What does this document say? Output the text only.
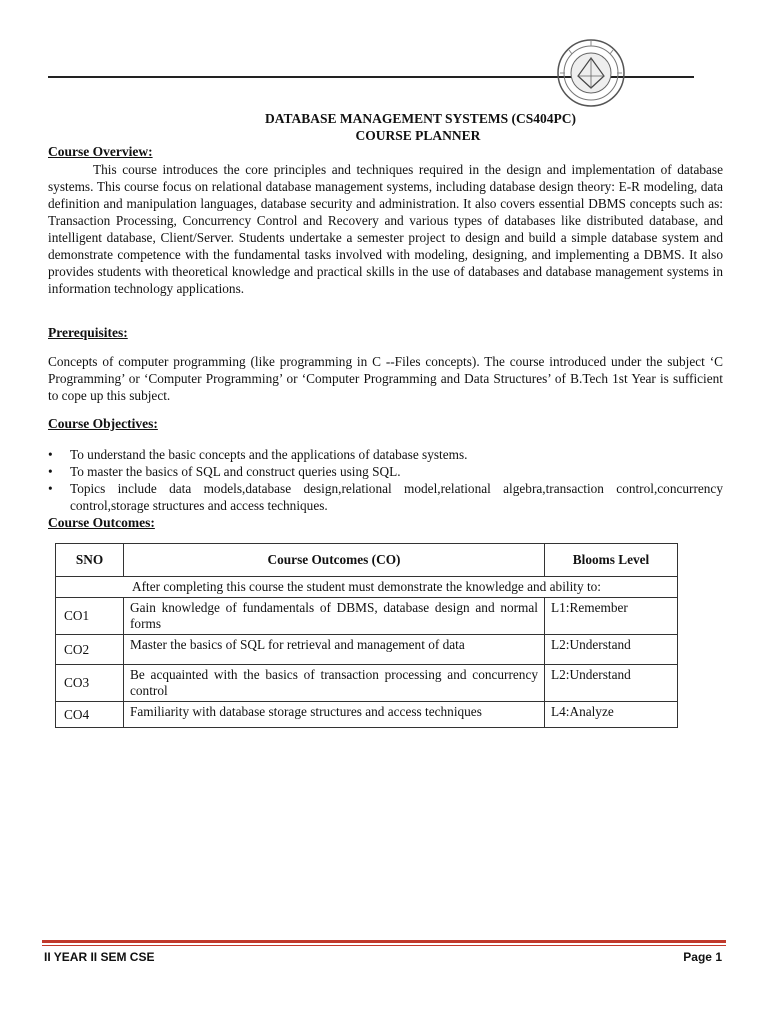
DATABASE MANAGEMENT SYSTEMS (CS404PC)
COURSE PLANNER
Course Overview:
This course introduces the core principles and techniques required in the design and implementation of database systems. This course focus on relational database management systems, including database design theory: E-R modeling, data definition and manipulation languages, database security and administration. It also covers essential DBMS concepts such as: Transaction Processing, Concurrency Control and Recovery and various types of databases like distributed database, and intelligent database, Client/Server. Students undertake a semester project to design and build a simple database system and demonstrate competence with the fundamental tasks involved with modeling, designing, and implementing a DBMS. It also provides students with theoretical knowledge and practical skills in the use of databases and database management systems in information technology applications.
Prerequisites:
Concepts of computer programming (like programming in C --Files concepts). The course introduced under the subject ‘C Programming’ or ‘Computer Programming’ or ‘Computer Programming and Data Structures’ of B.Tech 1st Year is sufficient to cope up this subject.
Course Objectives:
• To understand the basic concepts and the applications of database systems.
• To master the basics of SQL and construct queries using SQL.
• Topics include data models,database design,relational model,relational algebra,transaction control,concurrency control,storage structures and access techniques.
Course Outcomes:
SNO	Course Outcomes (CO)	Blooms Level
After completing this course the student must demonstrate the knowledge and ability to:		
CO1	Gain knowledge of fundamentals of DBMS, database design and normal forms	L1:Remember
CO2	Master the basics of SQL for retrieval and management of data	L2:Understand
CO3	Be acquainted with the basics of transaction processing and concurrency control	L2:Understand
CO4	Familiarity with database storage structures and access techniques	L4:Analyze
II YEAR II SEM CSE	Page 1
